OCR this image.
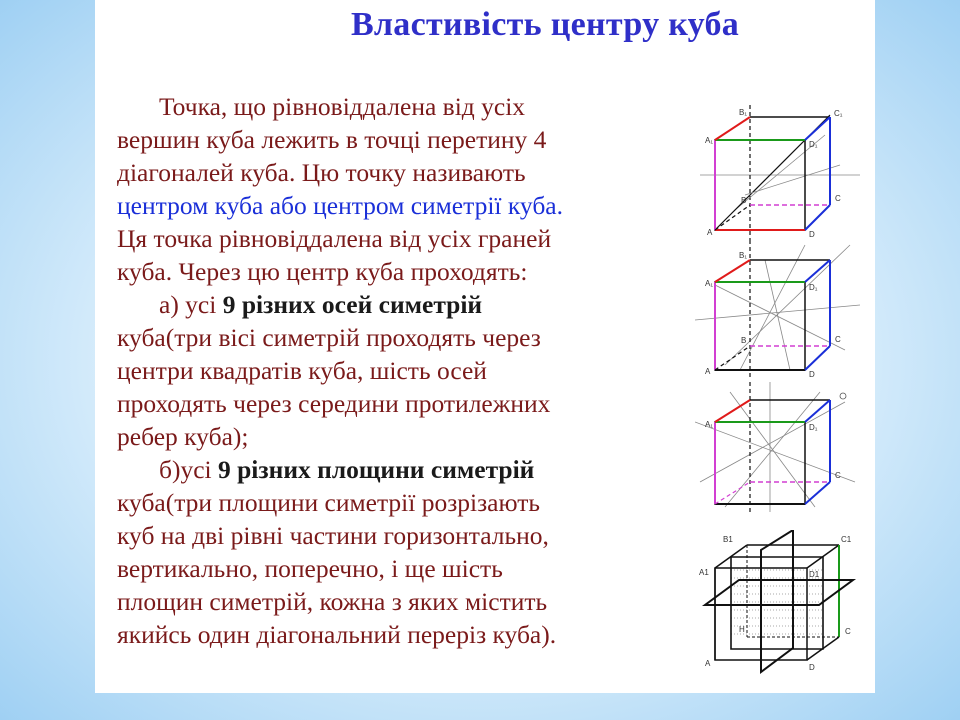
Властивість центру куба
Точка, що рівновіддалена від усіх
вершин куба лежить в точці перетину 4
діагоналей куба. Цю точку називають
центром куба або центром симетрії куба.
Ця точка рівновіддалена від усіх граней
куба. Через цю центр куба проходять:
а) усі 9 різних осей симетрій
куба(три вісі симетрій проходять через
центри квадратів куба, шість осей
проходять через середини протилежних
ребер куба);
б)усі 9 різних площини симетрій
куба(три площини симетрії розрізають
куб на дві рівні частини горизонтально,
вертикально, поперечно, і ще шість
площин симетрій, кожна з яких містить
якийсь один діагональний переріз куба).
A₁
B₁	C₁
D₁
A
B	C
D
A₁
B₁
D₁
A
B	C
D
A₁	D₁
C
B1	C1
A1	D1
H	C
A	D
